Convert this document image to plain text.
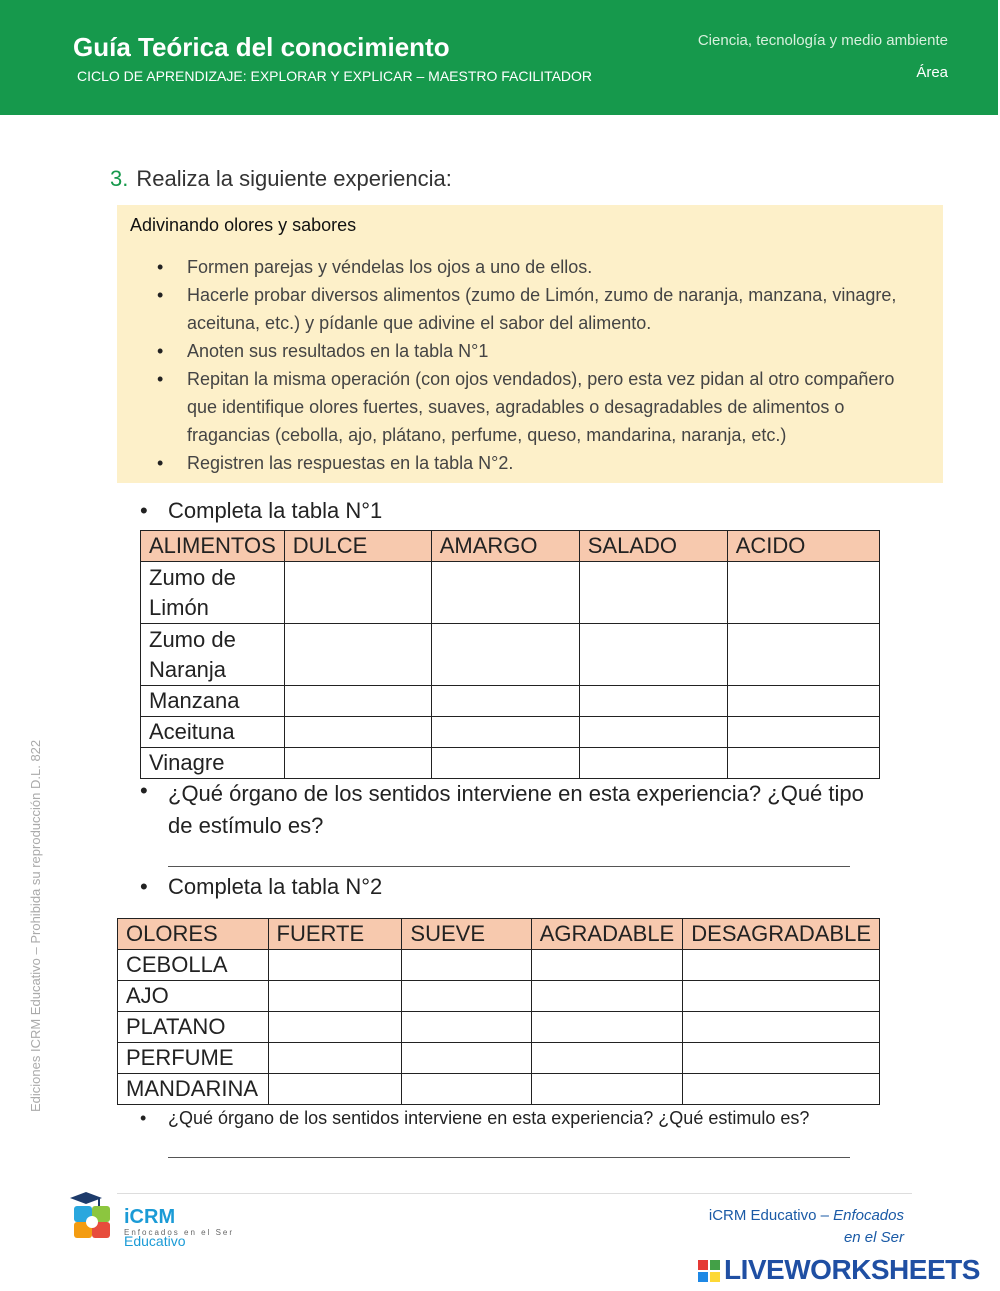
Guía Teórica del conocimiento
CICLO DE APRENDIZAJE: EXPLORAR Y EXPLICAR – MAESTRO FACILITADOR
Ciencia, tecnología y medio ambiente
Área
3. Realiza la siguiente experiencia:
Adivinando olores y sabores
• Formen parejas y véndelas los ojos a uno de ellos.
• Hacerle probar diversos alimentos (zumo de Limón, zumo de naranja, manzana, vinagre, aceituna, etc.) y pídanle que adivine el sabor del alimento.
• Anoten sus resultados en la tabla N°1
• Repitan la misma operación (con ojos vendados), pero esta vez pidan al otro compañero que identifique olores fuertes, suaves, agradables o desagradables de alimentos o fragancias (cebolla, ajo, plátano, perfume, queso, mandarina, naranja, etc.)
• Registren las respuestas en la tabla N°2.
• Completa la tabla N°1
ALIMENTOS	DULCE	AMARGO	SALADO	ACIDO
Zumo de Limón				
Zumo de Naranja				
Manzana				
Aceituna				
Vinagre				
• ¿Qué órgano de los sentidos interviene en esta experiencia? ¿Qué tipo de estímulo es?
• Completa la tabla N°2
OLORES	FUERTE	SUEVE	AGRADABLE	DESAGRADABLE
CEBOLLA				
AJO				
PLATANO				
PERFUME				
MANDARINA				
• ¿Qué órgano de los sentidos interviene en esta experiencia? ¿Qué estimulo es?
Ediciones ICRM Educativo – Prohibida su reproducción D.L. 822
iCRM Educativo
Enfocados en el Ser
iCRM Educativo – Enfocados
en el Ser
LIVEWORKSHEETS
